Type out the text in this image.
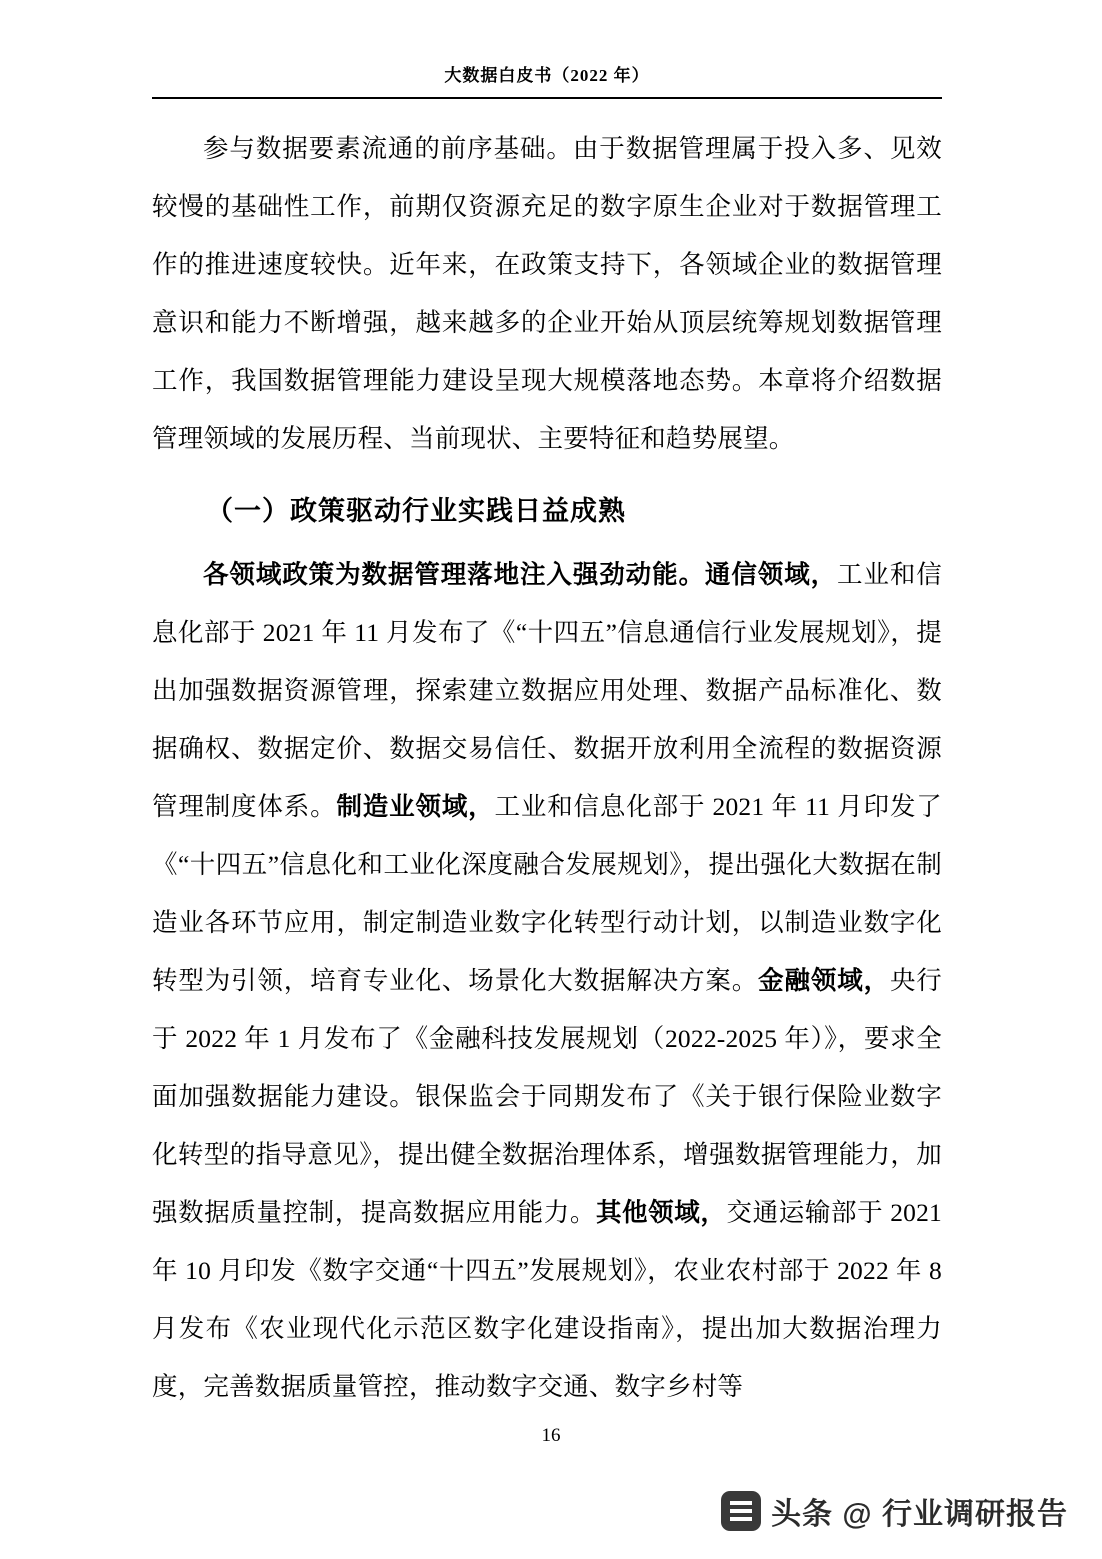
大数据白皮书（2022 年）

参与数据要素流通的前序基础。由于数据管理属于投入多、见效较慢的基础性工作，前期仅资源充足的数字原生企业对于数据管理工作的推进速度较快。近年来，在政策支持下，各领域企业的数据管理意识和能力不断增强，越来越多的企业开始从顶层统筹规划数据管理工作，我国数据管理能力建设呈现大规模落地态势。本章将介绍数据管理领域的发展历程、当前现状、主要特征和趋势展望。

（一）政策驱动行业实践日益成熟

各领域政策为数据管理落地注入强劲动能。通信领域，工业和信息化部于 2021 年 11 月发布了《“十四五”信息通信行业发展规划》，提出加强数据资源管理，探索建立数据应用处理、数据产品标准化、数据确权、数据定价、数据交易信任、数据开放利用全流程的数据资源管理制度体系。制造业领域，工业和信息化部于 2021 年 11 月印发了《“十四五”信息化和工业化深度融合发展规划》，提出强化大数据在制造业各环节应用，制定制造业数字化转型行动计划，以制造业数字化转型为引领，培育专业化、场景化大数据解决方案。金融领域，央行于 2022 年 1 月发布了《金融科技发展规划（2022-2025 年）》，要求全面加强数据能力建设。银保监会于同期发布了《关于银行保险业数字化转型的指导意见》，提出健全数据治理体系，增强数据管理能力，加强数据质量控制，提高数据应用能力。其他领域，交通运输部于 2021 年 10 月印发《数字交通“十四五”发展规划》，农业农村部于 2022 年 8 月发布《农业现代化示范区数字化建设指南》，提出加大数据治理力度，完善数据质量管控，推动数字交通、数字乡村等

16
头条 @ 行业调研报告
